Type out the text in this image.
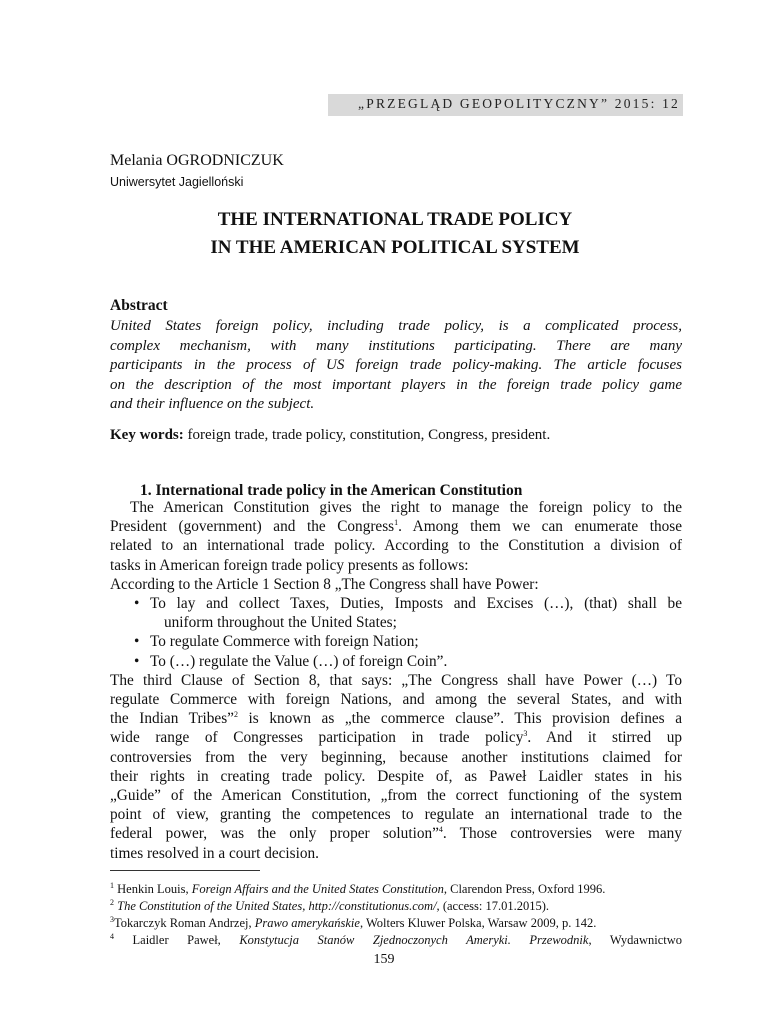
„PRZEGLĄD GEOPOLITYCZNY” 2015: 12
Melania OGRODNICZUK
Uniwersytet Jagielloński
THE INTERNATIONAL TRADE POLICY
IN THE AMERICAN POLITICAL SYSTEM
Abstract
United States foreign policy, including trade policy, is a complicated process,
complex mechanism, with many institutions participating. There are many
participants in the process of US foreign trade policy-making. The article focuses
on the description of the most important players in the foreign trade policy game
and their influence on the subject.
Key words: foreign trade, trade policy, constitution, Congress, president.
1. International trade policy in the American Constitution
The American Constitution gives the right to manage the foreign policy to the
President (government) and the Congress$^1$. Among them we can enumerate those
related to an international trade policy. According to the Constitution a division of
tasks in American foreign trade policy presents as follows:
According to the Article 1 Section 8 „The Congress shall have Power:
• To lay and collect Taxes, Duties, Imposts and Excises (…), (that) shall be
uniform throughout the United States;
• To regulate Commerce with foreign Nation;
• To (…) regulate the Value (…) of foreign Coin”.
The third Clause of Section 8, that says: „The Congress shall have Power (…) To
regulate Commerce with foreign Nations, and among the several States, and with
the Indian Tribes”$^2$ is known as „the commerce clause”. This provision defines a
wide range of Congresses participation in trade policy$^3$. And it stirred up
controversies from the very beginning, because another institutions claimed for
their rights in creating trade policy. Despite of, as Paweł Laidler states in his
„Guide” of the American Constitution, „from the correct functioning of the system
point of view, granting the competences to regulate an international trade to the
federal power, was the only proper solution”$^4$. Those controversies were many
times resolved in a court decision.
$^1$ Henkin Louis, Foreign Affairs and the United States Constitution, Clarendon Press, Oxford 1996.
$^2$ The Constitution of the United States, http://constitutionus.com/, (access: 17.01.2015).
$^3$Tokarczyk Roman Andrzej, Prawo amerykańskie, Wolters Kluwer Polska, Warsaw 2009, p. 142.
$^4$ Laidler Paweł, Konstytucja Stanów Zjednoczonych Ameryki. Przewodnik, Wydawnictwo
159
